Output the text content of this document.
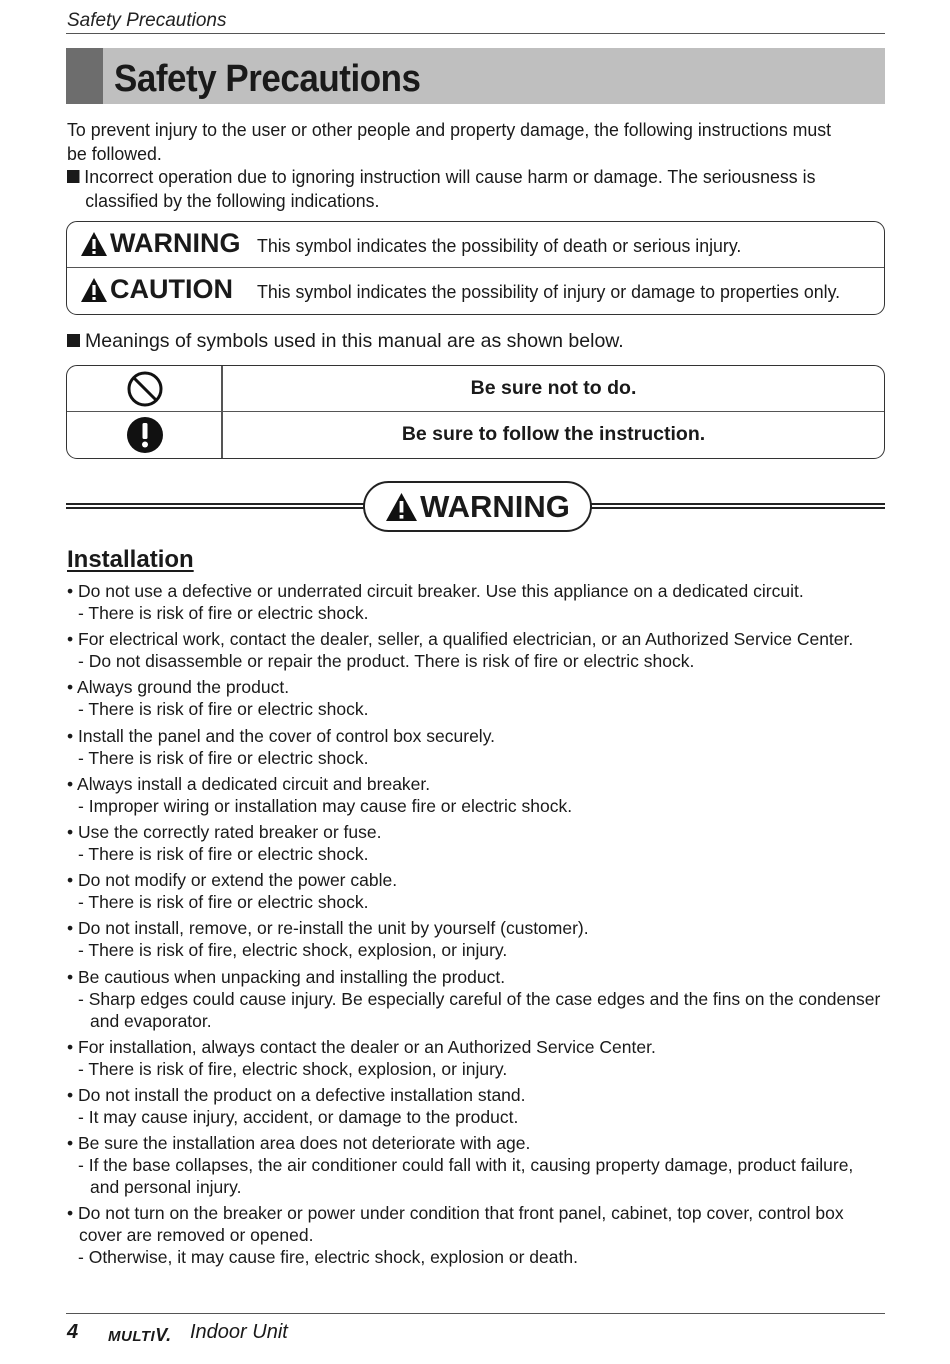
Safety Precautions
Safety Precautions

To prevent injury to the user or other people and property damage, the following instructions must be followed.

Incorrect operation due to ignoring instruction will cause harm or damage. The seriousness is classified by the following indications.

WARNING This symbol indicates the possibility of death or serious injury.
CAUTION This symbol indicates the possibility of injury or damage to properties only.
Meanings of symbols used in this manual are as shown below.
Be sure not to do.
Be sure to follow the instruction.
WARNING
Installation
• Do not use a defective or underrated circuit breaker. Use this appliance on a dedicated circuit.
- There is risk of fire or electric shock.
• For electrical work, contact the dealer, seller, a qualified electrician, or an Authorized Service Center.
- Do not disassemble or repair the product. There is risk of fire or electric shock.
• Always ground the product.
- There is risk of fire or electric shock.
• Install the panel and the cover of control box securely.
- There is risk of fire or electric shock.
• Always install a dedicated circuit and breaker.
- Improper wiring or installation may cause fire or electric shock.
• Use the correctly rated breaker or fuse.
- There is risk of fire or electric shock.
• Do not modify or extend the power cable.
- There is risk of fire or electric shock.
• Do not install, remove, or re-install the unit by yourself (customer).
- There is risk of fire, electric shock, explosion, or injury.
• Be cautious when unpacking and installing the product.
- Sharp edges could cause injury. Be especially careful of the case edges and the fins on the condenser and evaporator.
• For installation, always contact the dealer or an Authorized Service Center.
- There is risk of fire, electric shock, explosion, or injury.
• Do not install the product on a defective installation stand.
- It may cause injury, accident, or damage to the product.
• Be sure the installation area does not deteriorate with age.
- If the base collapses, the air conditioner could fall with it, causing property damage, product failure, and personal injury.
• Do not turn on the breaker or power under condition that front panel, cabinet, top cover, control box cover are removed or opened.
- Otherwise, it may cause fire, electric shock, explosion or death.
4 MULTIV. Indoor Unit
